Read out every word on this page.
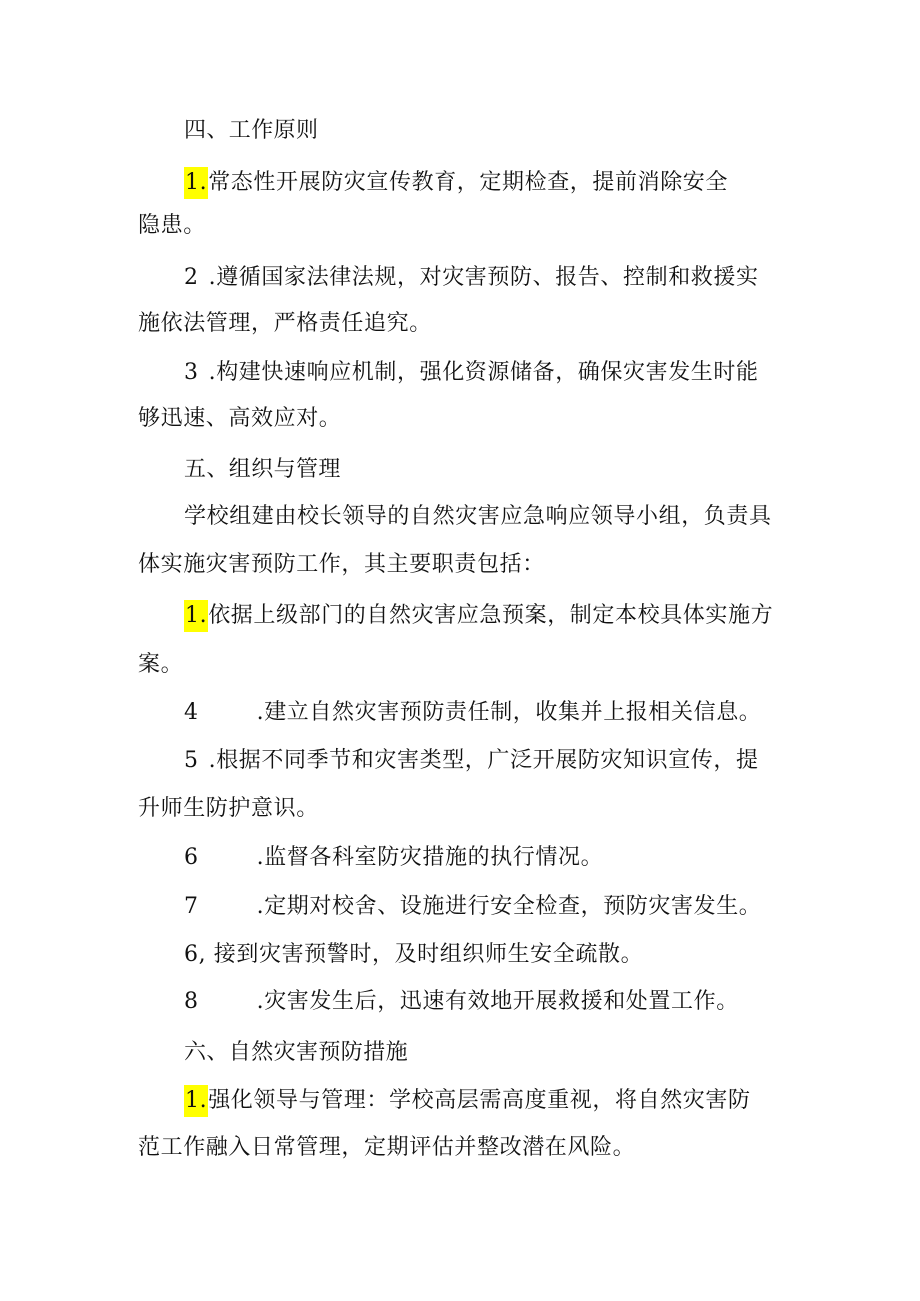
四、工作原则
1.常态性开展防灾宣传教育，定期检查，提前消除安全
隐患。
2 .遵循国家法律法规，对灾害预防、报告、控制和救援实
施依法管理，严格责任追究。
3 .构建快速响应机制，强化资源储备，确保灾害发生时能
够迅速、高效应对。
五、组织与管理
学校组建由校长领导的自然灾害应急响应领导小组，负责具
体实施灾害预防工作，其主要职责包括：
1.依据上级部门的自然灾害应急预案，制定本校具体实施方
案。
4	.建立自然灾害预防责任制，收集并上报相关信息。
5 .根据不同季节和灾害类型，广泛开展防灾知识宣传，提
升师生防护意识。
6	.监督各科室防灾措施的执行情况。
7	.定期对校舍、设施进行安全检查，预防灾害发生。
6, 接到灾害预警时，及时组织师生安全疏散。
8	.灾害发生后，迅速有效地开展救援和处置工作。
六、自然灾害预防措施
1.强化领导与管理：学校高层需高度重视，将自然灾害防
范工作融入日常管理，定期评估并整改潜在风险。
